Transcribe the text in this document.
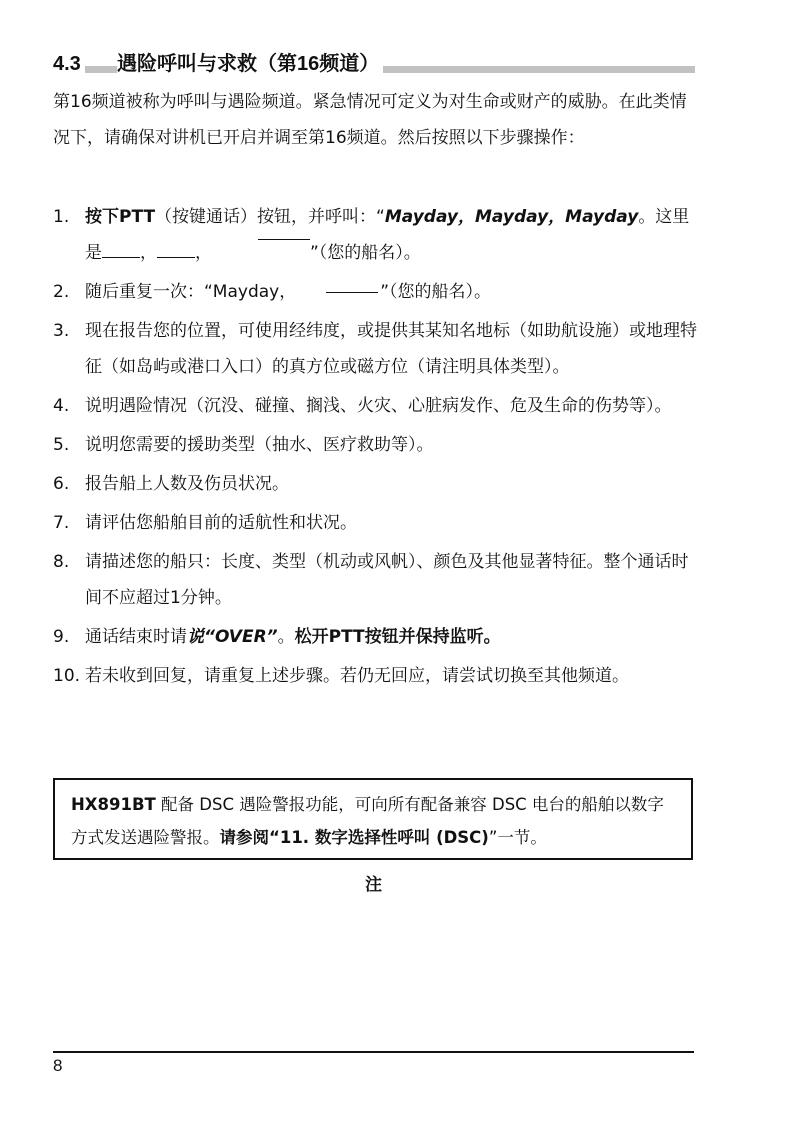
4.3 遇险呼叫与求救（第16频道）
第16频道被称为呼叫与遇险频道。紧急情况可定义为对生命或财产的威胁。在此类情况下，请确保对讲机已开启并调至第16频道。然后按照以下步骤操作：
1. 按下PTT（按键通话）按钮，并呼叫：“Mayday，Mayday，Mayday。这里是 ， ，	”（您的船名）。
2. 随后重复一次：“Mayday，	”（您的船名）。
3. 现在报告您的位置，可使用经纬度，或提供其某知名地标（如助航设施）或地理特征（如岛屿或港口入口）的真方位或磁方位（请注明具体类型）。
4. 说明遇险情况（沉没、碰撞、搁浅、火灾、心脏病发作、危及生命的伤势等）。
5. 说明您需要的援助类型（抽水、医疗救助等）。
6. 报告船上人数及伤员状况。
7. 请评估您船舶目前的适航性和状况。
8. 请描述您的船只：长度、类型（机动或风帆）、颜色及其他显著特征。整个通话时间不应超过1分钟。
9. 通话结束时请说“OVER”。松开PTT按钮并保持监听。
10. 若未收到回复，请重复上述步骤。若仍无回应，请尝试切换至其他频道。
HX891BT 配备 DSC 遇险警报功能，可向所有配备兼容 DSC 电台的船舶以数字方式发送遇险警报。请参阅“11. 数字选择性呼叫 (DSC)”一节。
注
8
